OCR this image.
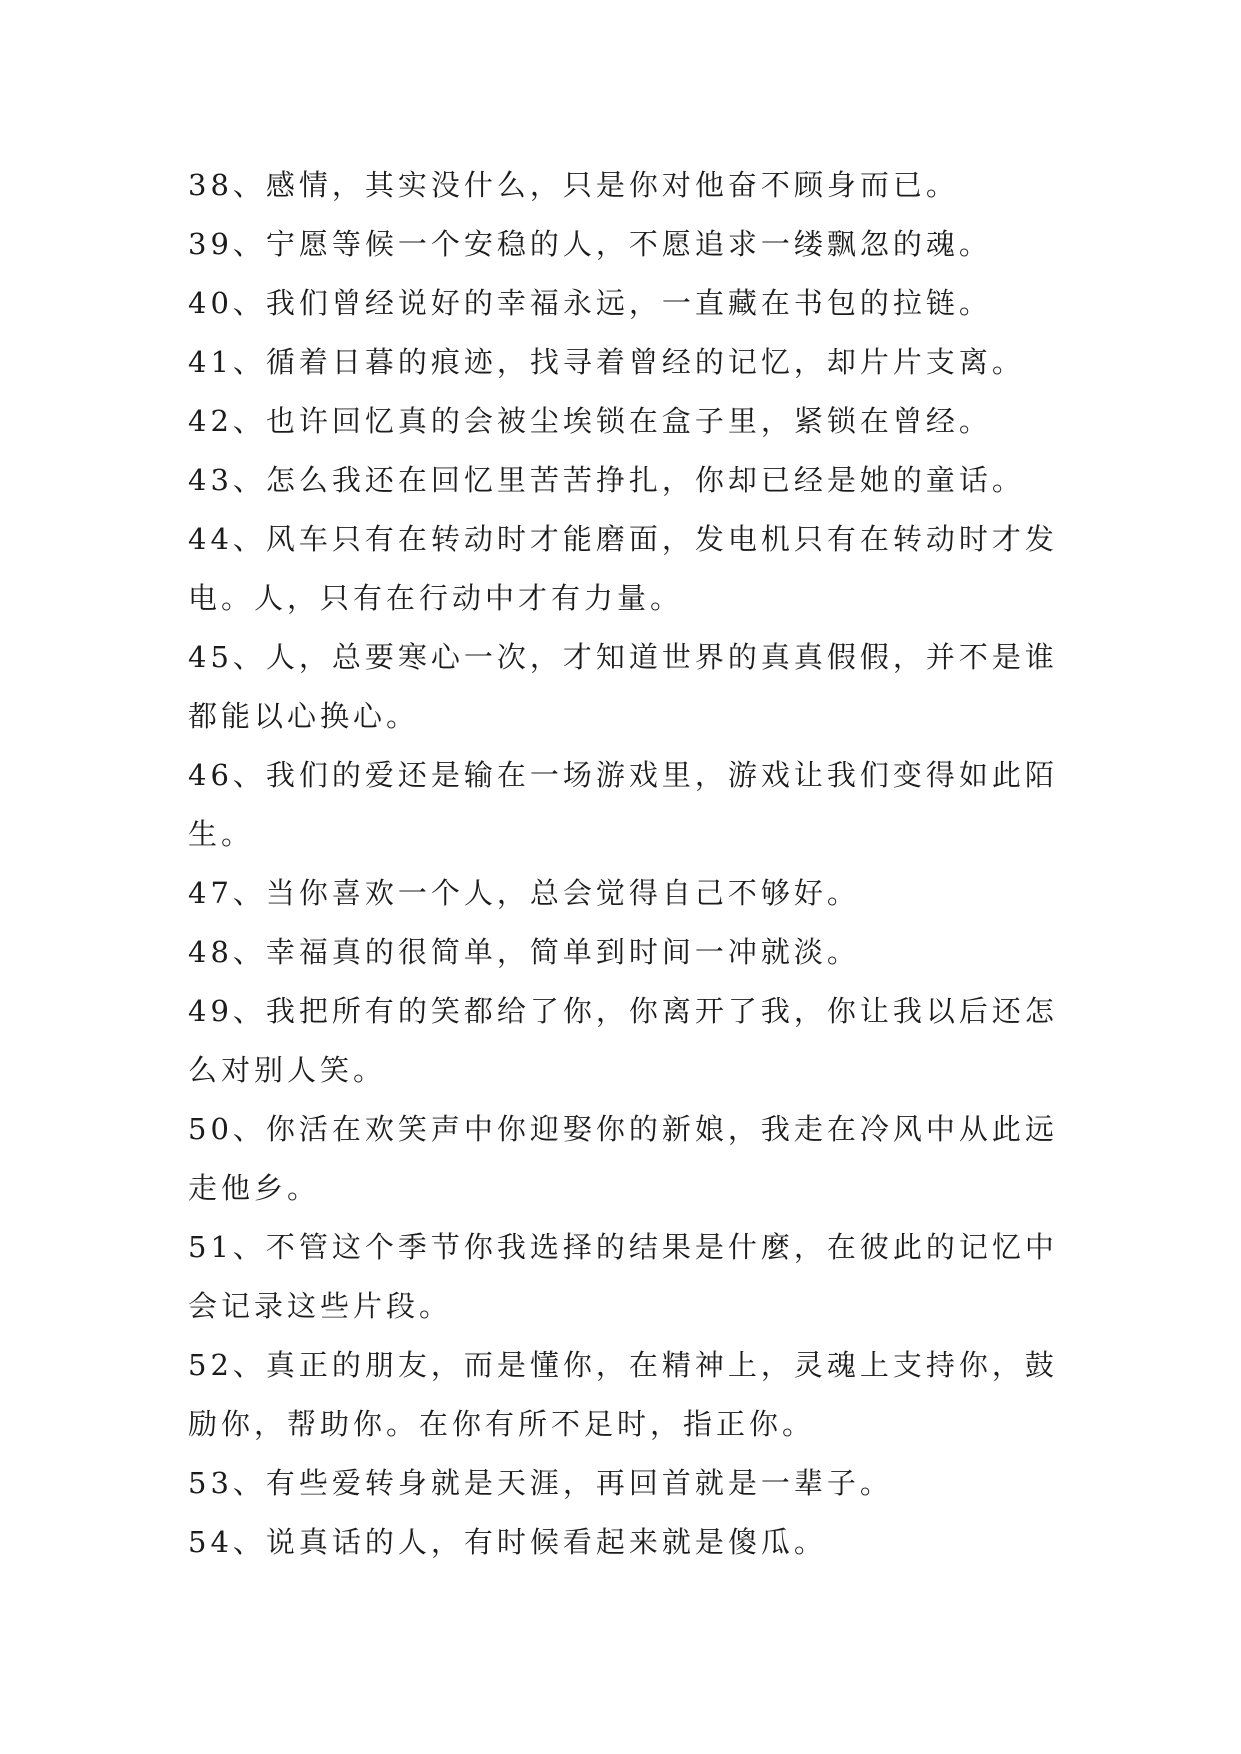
38、感情，其实没什么，只是你对他奋不顾身而已。
39、宁愿等候一个安稳的人，不愿追求一缕飘忽的魂。
40、我们曾经说好的幸福永远，一直藏在书包的拉链。
41、循着日暮的痕迹，找寻着曾经的记忆，却片片支离。
42、也许回忆真的会被尘埃锁在盒子里，紧锁在曾经。
43、怎么我还在回忆里苦苦挣扎，你却已经是她的童话。
44、风车只有在转动时才能磨面，发电机只有在转动时才发电。人，只有在行动中才有力量。
45、人，总要寒心一次，才知道世界的真真假假，并不是谁都能以心换心。
46、我们的爱还是输在一场游戏里，游戏让我们变得如此陌生。
47、当你喜欢一个人，总会觉得自己不够好。
48、幸福真的很简单，简单到时间一冲就淡。
49、我把所有的笑都给了你，你离开了我，你让我以后还怎么对别人笑。
50、你活在欢笑声中你迎娶你的新娘，我走在冷风中从此远走他乡。
51、不管这个季节你我选择的结果是什麼，在彼此的记忆中会记录这些片段。
52、真正的朋友，而是懂你，在精神上，灵魂上支持你，鼓励你，帮助你。在你有所不足时，指正你。
53、有些爱转身就是天涯，再回首就是一辈子。
54、说真话的人，有时候看起来就是傻瓜。
